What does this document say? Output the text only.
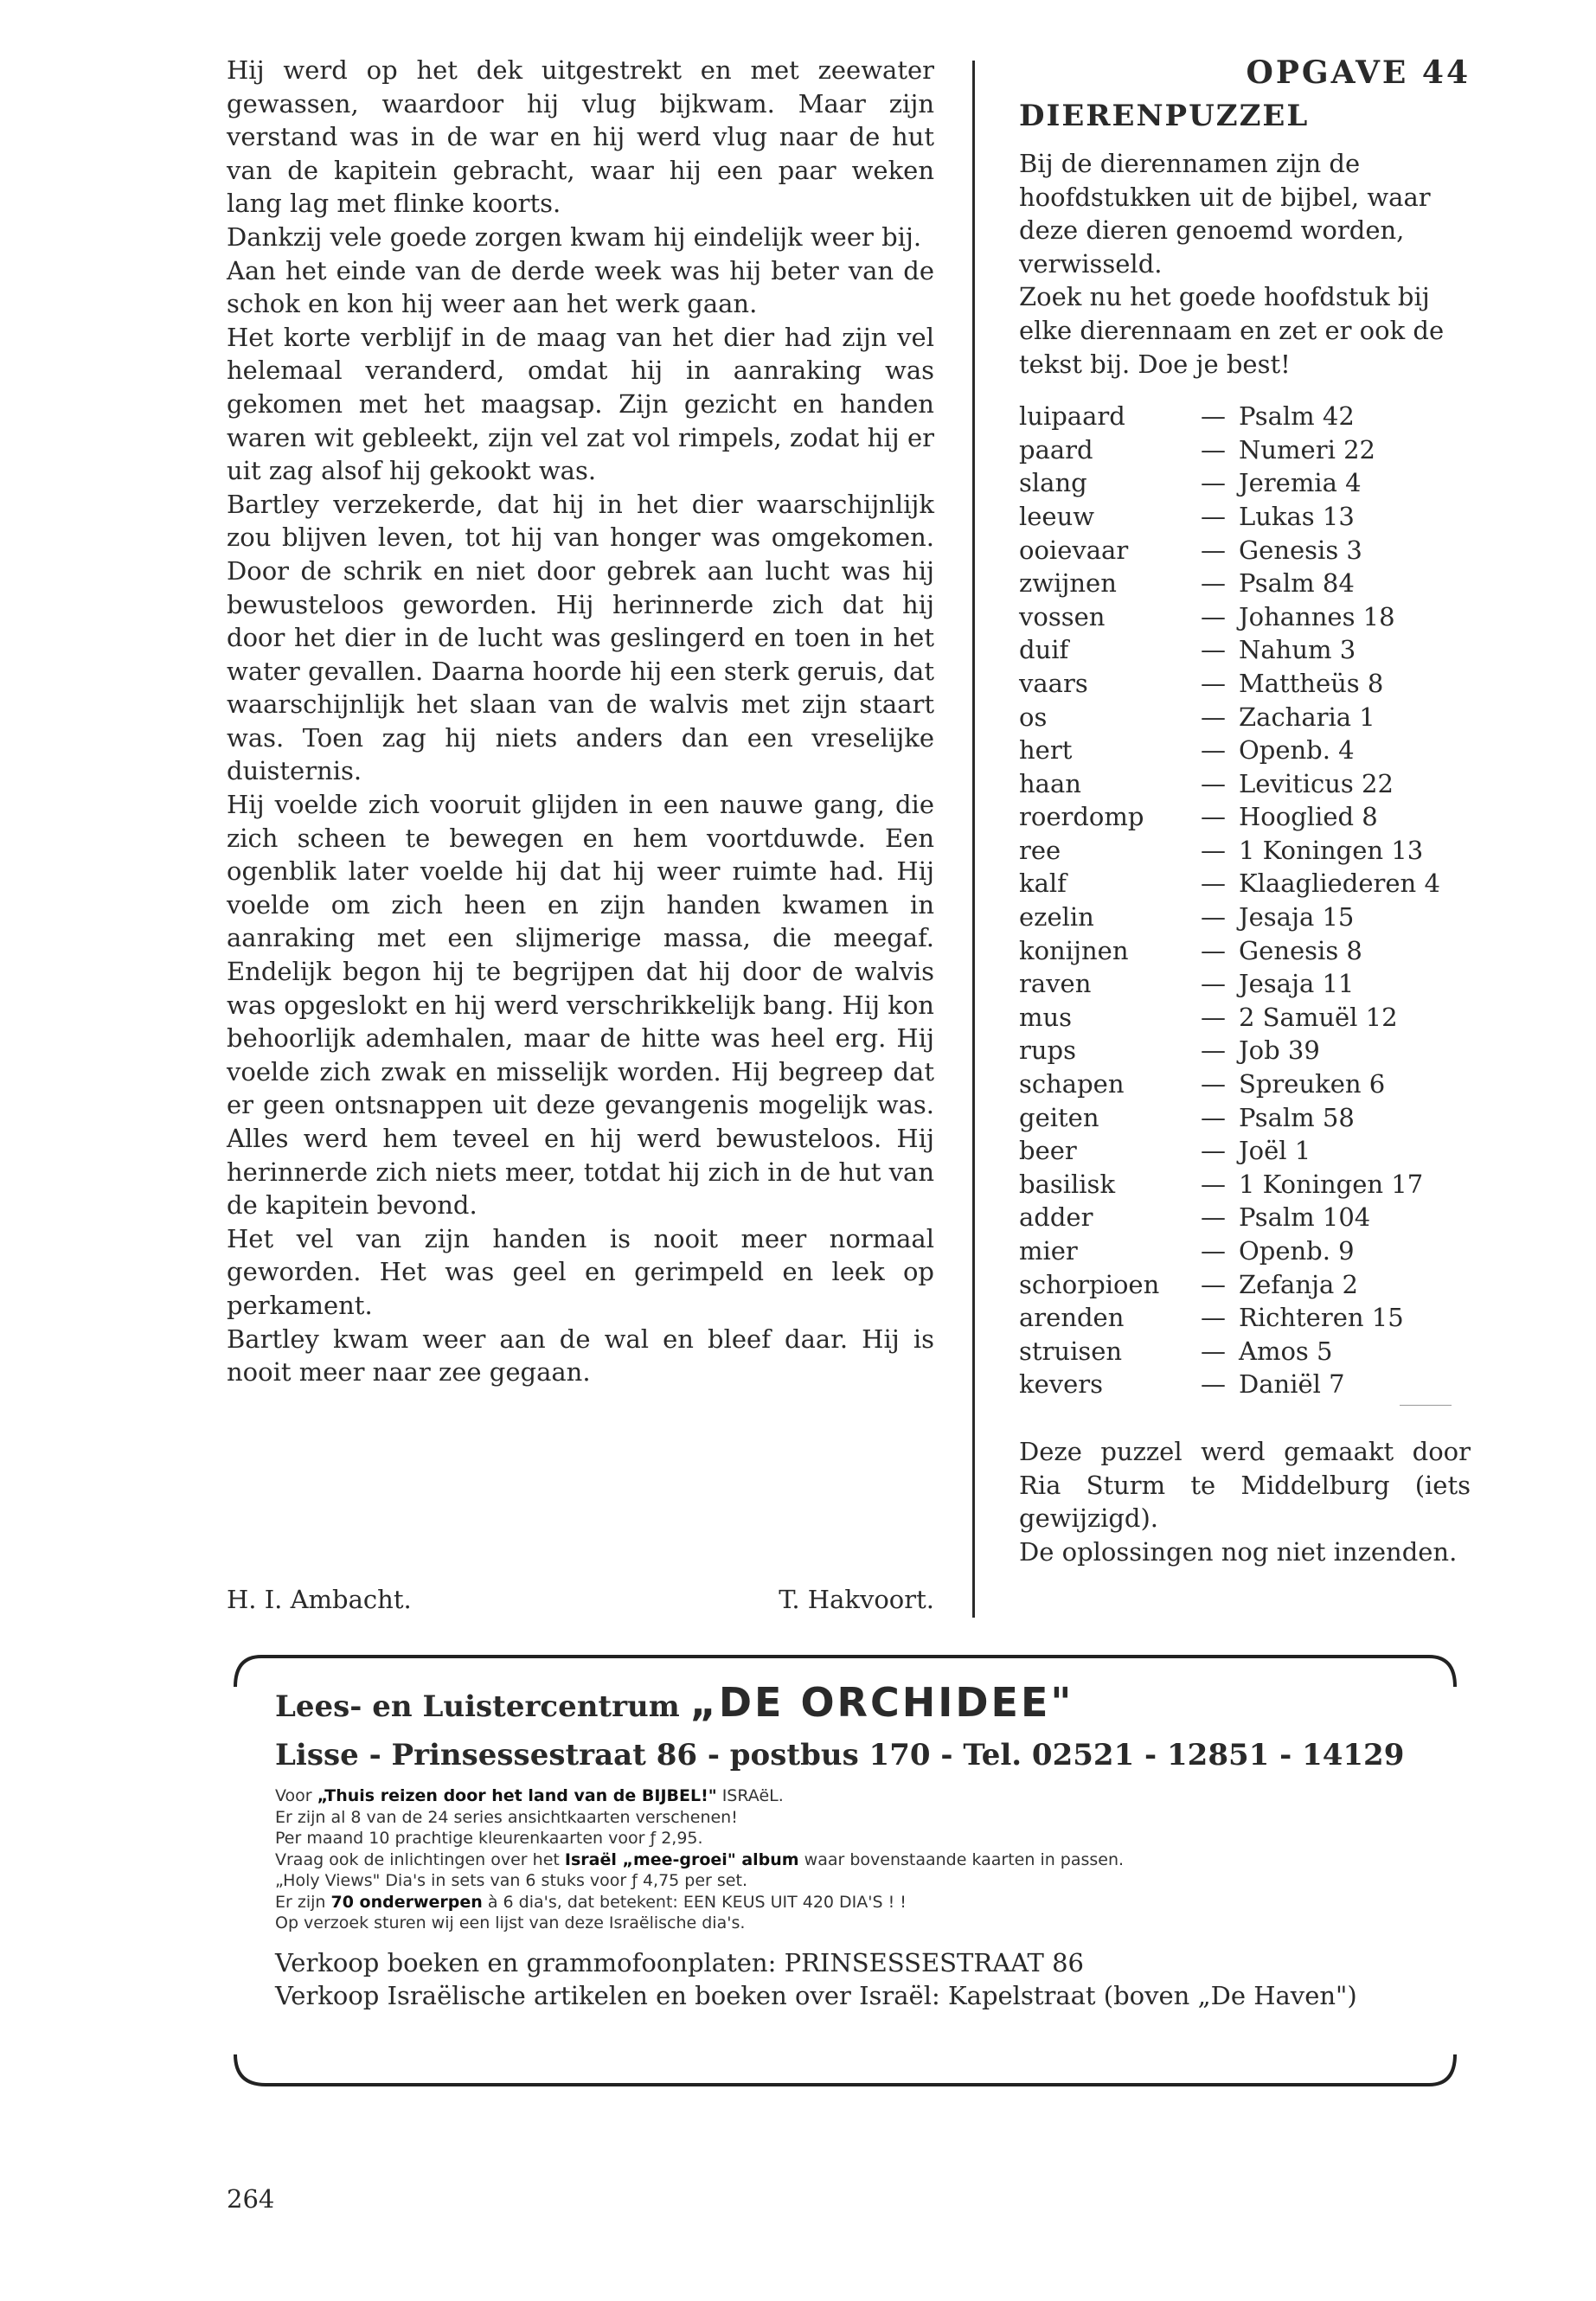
Hij werd op het dek uitgestrekt en met zeewater gewassen, waardoor hij vlug bijkwam. Maar zijn verstand was in de war en hij werd vlug naar de hut van de kapitein gebracht, waar hij een paar weken lang lag met flinke koorts.

Dankzij vele goede zorgen kwam hij eindelijk weer bij.

Aan het einde van de derde week was hij beter van de schok en kon hij weer aan het werk gaan.

Het korte verblijf in de maag van het dier had zijn vel helemaal veranderd, omdat hij in aanraking was gekomen met het maagsap. Zijn gezicht en handen waren wit gebleekt, zijn vel zat vol rimpels, zodat hij er uit zag alsof hij gekookt was.

Bartley verzekerde, dat hij in het dier waarschijnlijk zou blijven leven, tot hij van honger was omgekomen. Door de schrik en niet door gebrek aan lucht was hij bewusteloos geworden. Hij herinnerde zich dat hij door het dier in de lucht was geslingerd en toen in het water gevallen. Daarna hoorde hij een sterk geruis, dat waarschijnlijk het slaan van de walvis met zijn staart was. Toen zag hij niets anders dan een vreselijke duisternis.

Hij voelde zich vooruit glijden in een nauwe gang, die zich scheen te bewegen en hem voortduwde. Een ogenblik later voelde hij dat hij weer ruimte had. Hij voelde om zich heen en zijn handen kwamen in aanraking met een slijmerige massa, die meegaf. Endelijk begon hij te begrijpen dat hij door de walvis was opgeslokt en hij werd verschrikkelijk bang. Hij kon behoorlijk ademhalen, maar de hitte was heel erg. Hij voelde zich zwak en misselijk worden. Hij begreep dat er geen ontsnappen uit deze gevangenis mogelijk was. Alles werd hem teveel en hij werd bewusteloos. Hij herinnerde zich niets meer, totdat hij zich in de hut van de kapitein bevond.

Het vel van zijn handen is nooit meer normaal geworden. Het was geel en gerimpeld en leek op perkament.

Bartley kwam weer aan de wal en bleef daar. Hij is nooit meer naar zee gegaan.

H. I. Ambacht.	T. Hakvoort.

OPGAVE 44

DIERENPUZZEL

Bij de dierennamen zijn de hoofdstukken uit de bijbel, waar deze dieren genoemd worden, verwisseld.

Zoek nu het goede hoofdstuk bij elke dierennaam en zet er ook de tekst bij. Doe je best!

luipaard	— Psalm 42
paard	— Numeri 22
slang	— Jeremia 4
leeuw	— Lukas 13
ooievaar	— Genesis 3
zwijnen	— Psalm 84
vossen	— Johannes 18
duif	— Nahum 3
vaars	— Mattheüs 8
os	— Zacharia 1
hert	— Openb. 4
haan	— Leviticus 22
roerdomp	— Hooglied 8
ree	— 1 Koningen 13
kalf	— Klaagliederen 4
ezelin	— Jesaja 15
konijnen	— Genesis 8
raven	— Jesaja 11
mus	— 2 Samuël 12
rups	— Job 39
schapen	— Spreuken 6
geiten	— Psalm 58
beer	— Joël 1
basilisk	— 1 Koningen 17
adder	— Psalm 104
mier	— Openb. 9
schorpioen	— Zefanja 2
arenden	— Richteren 15
struisen	— Amos 5
kevers	— Daniël 7

Deze puzzel werd gemaakt door Ria Sturm te Middelburg (iets gewijzigd).

De oplossingen nog niet inzenden.

Lees- en Luistercentrum „DE ORCHIDEE"
Lisse - Prinsessestraat 86 - postbus 170 - Tel. 02521 - 12851 - 14129

Voor „Thuis reizen door het land van de BIJBEL!" ISRAëL.

Er zijn al 8 van de 24 series ansichtkaarten verschenen!

Per maand 10 prachtige kleurenkaarten voor ƒ 2,95.

Vraag ook de inlichtingen over het Israël „mee-groei" album waar bovenstaande kaarten in passen.

„Holy Views" Dia's in sets van 6 stuks voor ƒ 4,75 per set.

Er zijn 70 onderwerpen à 6 dia's, dat betekent: EEN KEUS UIT 420 DIA'S ! !

Op verzoek sturen wij een lijst van deze Israëlische dia's.

Verkoop boeken en grammofoonplaten: PRINSESSESTRAAT 86

Verkoop Israëlische artikelen en boeken over Israël: Kapelstraat (boven „De Haven")

264
